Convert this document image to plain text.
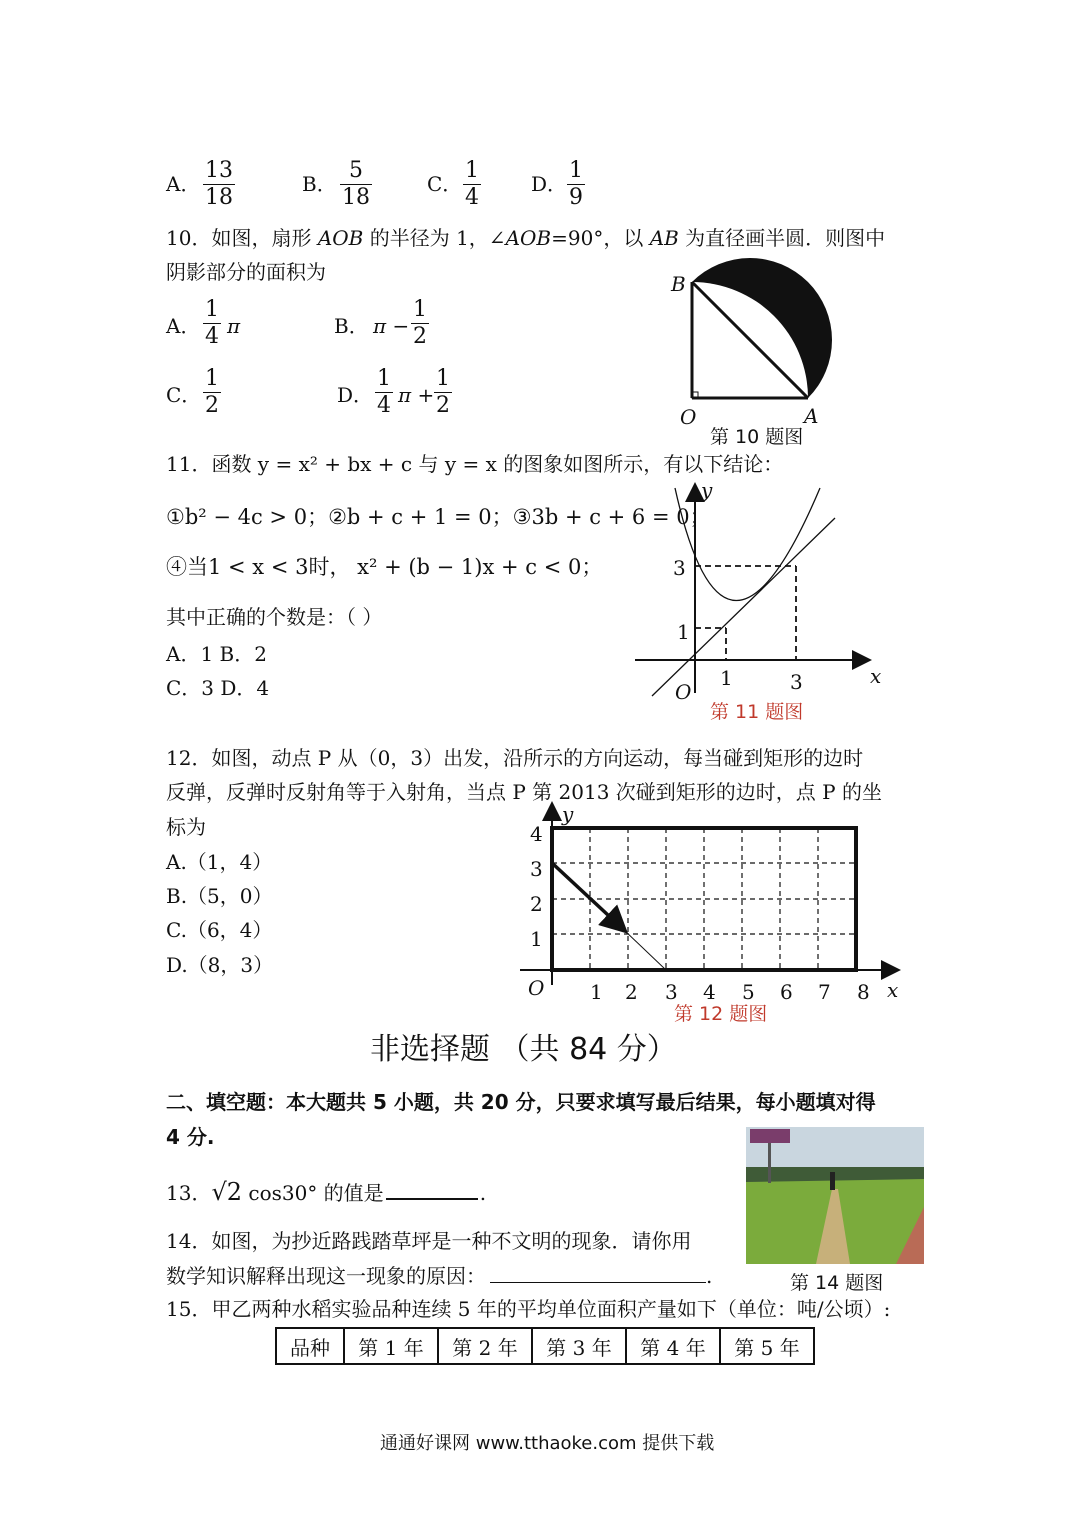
A． $\frac{13}{18}$	B． $\frac{5}{18}$	C． $\frac{1}{4}$	D． $\frac{1}{9}$
10．如图，扇形 AOB 的半径为 1，∠AOB=90°，以 AB 为直径画半圆．则图中
阴影部分的面积为
A． $\frac{1}{4}$ π	B． $\pi - \frac{1}{2}$
C． $\frac{1}{2}$	D． $\frac{1}{4}$ $\pi + \frac{1}{2}$
B
O	A
第 10 题图
11．函数 y = x² + bx + c 与 y = x 的图象如图所示，有以下结论：
①b² − 4c > 0；②b + c + 1 = 0；③3b + c + 6 = 0；
④当1 < x < 3时， x² + (b − 1)x + c < 0；
其中正确的个数是：（ ）
A．1 B．2
C．3 D．4
y
x
O
3
1
1	3
第 11 题图
12．如图，动点 P 从（0，3）出发，沿所示的方向运动，每当碰到矩形的边时
反弹，反弹时反射角等于入射角，当点 P 第 2013 次碰到矩形的边时，点 P 的坐
标为
A.（1，4）
B.（5，0）
C.（6，4）
D.（8，3）
y
x
O
4
3
2
1
1 2 3 4 5 6 7 8
第 12 题图
非选择题 （共 84 分）
二、填空题：本大题共 5 小题，共 20 分，只要求填写最后结果，每小题填对得
4 分.
13．√2 cos30° 的值是	.
第 14 题图
14．如图，为抄近路践踏草坪是一种不文明的现象．请你用
数学知识解释出现这一现象的原因：	.
15．甲乙两种水稻实验品种连续 5 年的平均单位面积产量如下（单位：吨/公顷）:
品种	第 1 年	第 2 年	第 3 年	第 4 年	第 5 年
通通好课网 www.tthaoke.com 提供下载
